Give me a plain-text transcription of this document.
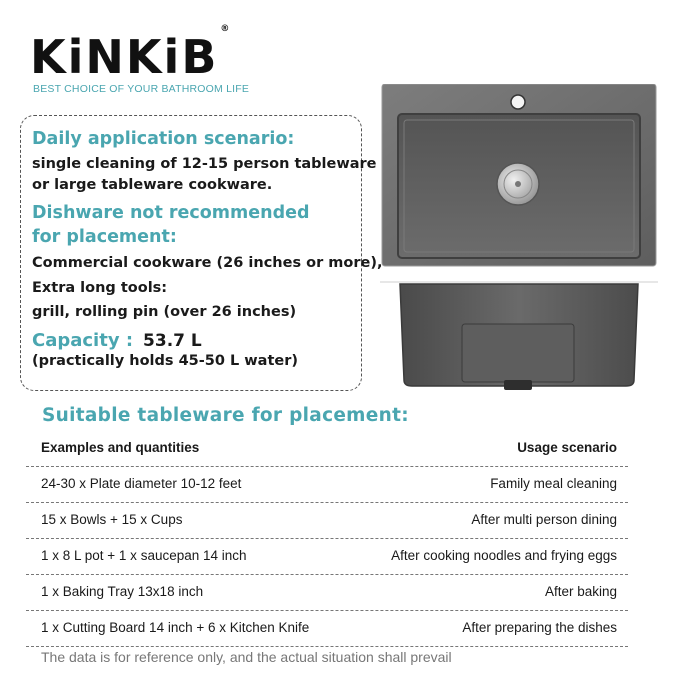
KiNKiB®
BEST CHOICE OF YOUR BATHROOM LIFE
Daily application scenario:
single cleaning of 12-15 person tableware
or large tableware cookware.
Dishware not recommended
for placement:
Commercial cookware (26 inches or more),
Extra long tools:
grill, rolling pin (over 26 inches)
Capacity : 53.7 L
(practically holds 45-50 L water)
Suitable tableware for placement:
Examples and quantities	Usage scenario
24-30 x Plate diameter 10-12 feet	Family meal cleaning
15 x Bowls + 15 x Cups	After multi person dining
1 x 8 L pot + 1 x saucepan 14 inch	After cooking noodles and frying eggs
1 x Baking Tray 13x18 inch	After baking
1 x Cutting Board 14 inch + 6 x Kitchen Knife	After preparing the dishes
The data is for reference only, and the actual situation shall prevail
